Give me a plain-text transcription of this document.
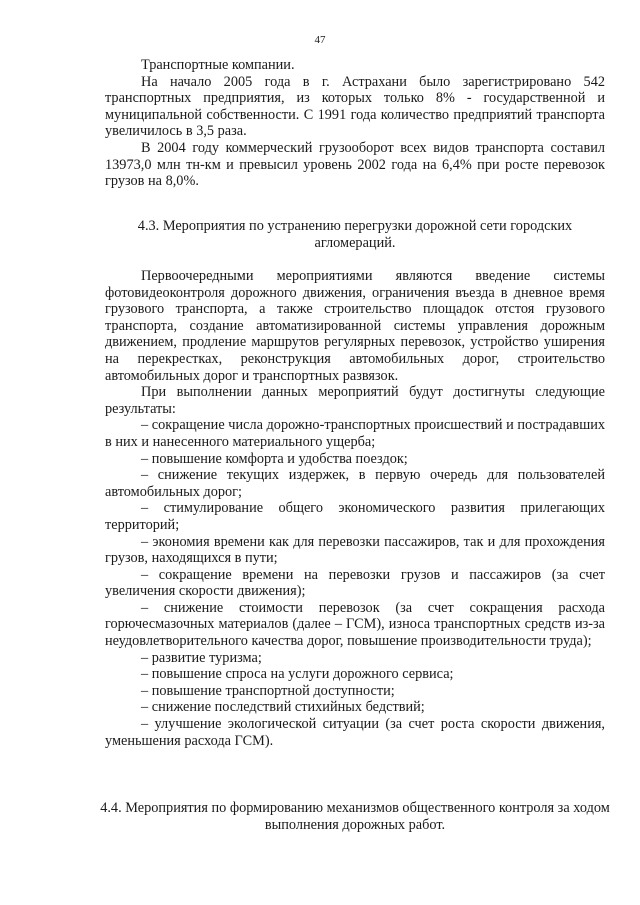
47

Транспортные компании.

На начало 2005 года в г. Астрахани было зарегистрировано 542 транспортных предприятия, из которых только 8% - государственной и муниципальной собственности. С 1991 года количество предприятий транспорта увеличилось в 3,5 раза.

В 2004 году коммерческий грузооборот всех видов транспорта составил 13973,0 млн тн-км и превысил уровень 2002 года на 6,4% при росте перевозок грузов на 8,0%.

4.3. Мероприятия по устранению перегрузки дорожной сети городских агломераций.

Первоочередными мероприятиями являются введение системы фотовидеоконтроля дорожного движения, ограничения въезда в дневное время грузового транспорта, а также строительство площадок отстоя грузового транспорта, создание автоматизированной системы управления дорожным движением, продление маршрутов регулярных перевозок, устройство уширения на перекрестках, реконструкция автомобильных дорог, строительство автомобильных дорог и транспортных развязок.

При выполнении данных мероприятий будут достигнуты следующие результаты:

– сокращение числа дорожно-транспортных происшествий и пострадавших в них и нанесенного материального ущерба;

– повышение комфорта и удобства поездок;

– снижение текущих издержек, в первую очередь для пользователей автомобильных дорог;

– стимулирование общего экономического развития прилегающих территорий;

– экономия времени как для перевозки пассажиров, так и для прохождения грузов, находящихся в пути;

– сокращение времени на перевозки грузов и пассажиров (за счет увеличения скорости движения);

– снижение стоимости перевозок (за счет сокращения расхода горючесмазочных материалов (далее – ГСМ), износа транспортных средств из-за неудовлетворительного качества дорог, повышение производительности труда);

– развитие туризма;

– повышение спроса на услуги дорожного сервиса;

– повышение транспортной доступности;

– снижение последствий стихийных бедствий;

– улучшение экологической ситуации (за счет роста скорости движения, уменьшения расхода ГСМ).

4.4. Мероприятия по формированию механизмов общественного контроля за ходом выполнения дорожных работ.
